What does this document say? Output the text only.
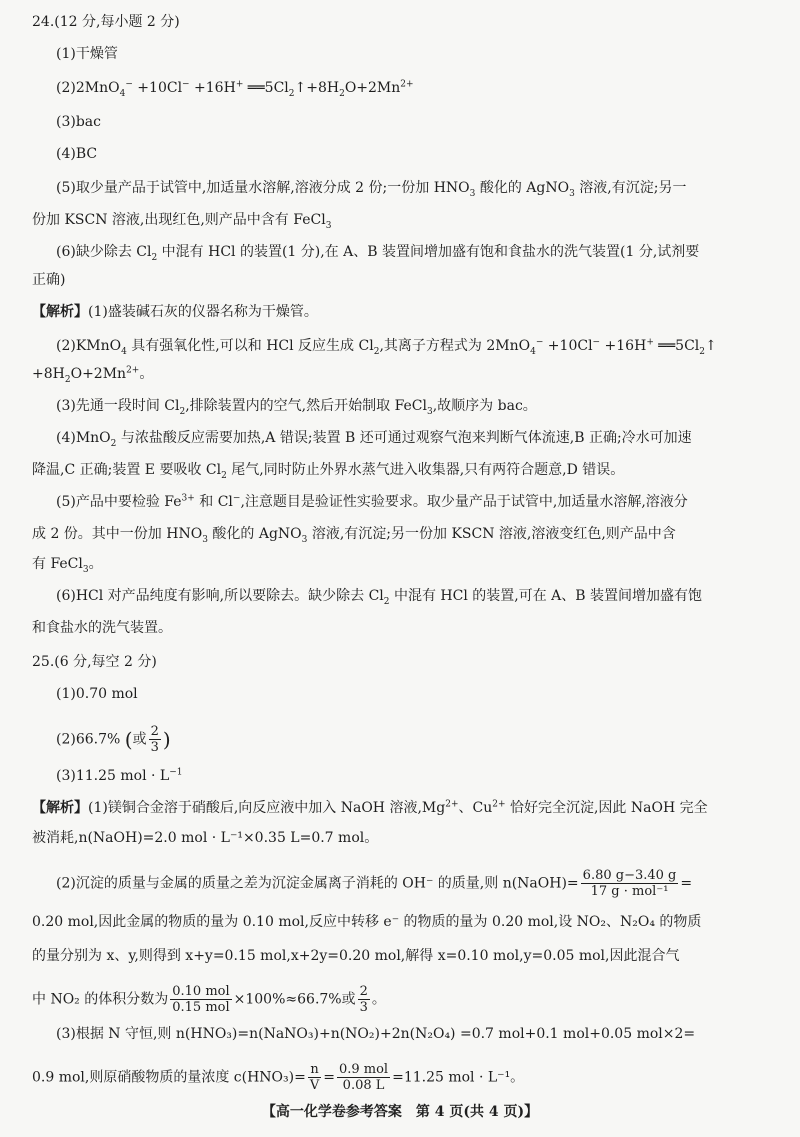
24.(12 分,每小题 2 分)
(1)干燥管
(2)2MnO$_4$− +10Cl− +16H+ $══5Cl_2↑+8H_2O+2Mn^{2+}$
(3)bac
(4)BC
(5)取少量产品于试管中,加适量水溶解,溶液分成 2 份;一份加 $HNO_3$ 酸化的 AgNO$_3$ 溶液,有沉淀;另一
份加 KSCN 溶液,出现红色,则产品中含有 FeCl$_3$
(6)缺少除去 $Cl_2$ 中混有 HCl 的装置(1 分),在 A、B 装置间增加盛有饱和食盐水的洗气装置(1 分,试剂要
正确)
【解析】(1)盛装碱石灰的仪器名称为干燥管。
(2)KMnO$_4$ 具有强氧化性,可以和 HCl 反应生成 $Cl_2$,其离子方程式为 2MnO$_4$− +10Cl− +16H+ $══5Cl_2↑$
$+8H_2O+2Mn^{2+}$。
(3)先通一段时间 $Cl_2$,排除装置内的空气,然后开始制取 FeCl$_3$,故顺序为 bac。
(4)MnO$_2$ 与浓盐酸反应需要加热,A 错误;装置 B 还可通过观察气泡来判断气体流速,B 正确;冷水可加速
降温,C 正确;装置 E 要吸收 $Cl_2$ 尾气,同时防止外界水蒸气进入收集器,只有两符合题意,D 错误。
(5)产品中要检验 $Fe^{3+}$ 和 Cl−,注意题目是验证性实验要求。取少量产品于试管中,加适量水溶解,溶液分
成 2 份。其中一份加 $HNO_3$ 酸化的 AgNO$_3$ 溶液,有沉淀;另一份加 KSCN 溶液,溶液变红色,则产品中含
有 FeCl$_3$。
(6)HCl 对产品纯度有影响,所以要除去。缺少除去 $Cl_2$ 中混有 HCl 的装置,可在 A、B 装置间增加盛有饱
和食盐水的洗气装置。
25.(6 分,每空 2 分)
(1)0.70 mol
(2)66.7% (或 $\frac{2}{3}$ )
(3)11.25 mol · $L^{-1}$
【解析】(1)镁铜合金溶于硝酸后,向反应液中加入 NaOH 溶液$,Mg^{2+}$、$Cu^{2+}$ 恰好完全沉淀,因此 NaOH 完全
被消耗,n(NaOH)=2.0 mol · L⁻¹×0.35 L=0.7 mol。
(2)沉淀的质量与金属的质量之差为沉淀金属离子消耗的 OH⁻ 的质量,则 n(NaOH)= $\frac{6.80 g-3.40 g}{\text{17 g · mol⁻¹}}$ =
0.20 mol,因此金属的物质的量为 0.10 mol,反应中转移 e⁻ 的物质的量为 0.20 mol,设 NO₂、N₂O₄ 的物质
的量分别为 x、y,则得到 x+y=0.15 mol,x+2y=0.20 mol,解得 x=0.10 mol,y=0.05 mol,因此混合气
中 NO₂ 的体积分数为 $\frac{\text{0.10 mol}}{\text{0.15 mol}} \times 100\%\approx 66.7\%$或 $\frac{2}{3}$ 。
(3)根据 N 守恒,则 n(HNO₃)=n(NaNO₃)+n(NO₂)+2n(N₂O₄) =0.7 mol+0.1 mol+0.05 mol×2=
0.9 mol,则原硝酸物质的量浓度 $c(HNO_3)= \frac{n}{V} = \frac{\text{0.9 mol}}{0.08 L} =11.25$ mol · L⁻¹。
【高一化学卷参考答案　第 4 页(共 4 页)】
